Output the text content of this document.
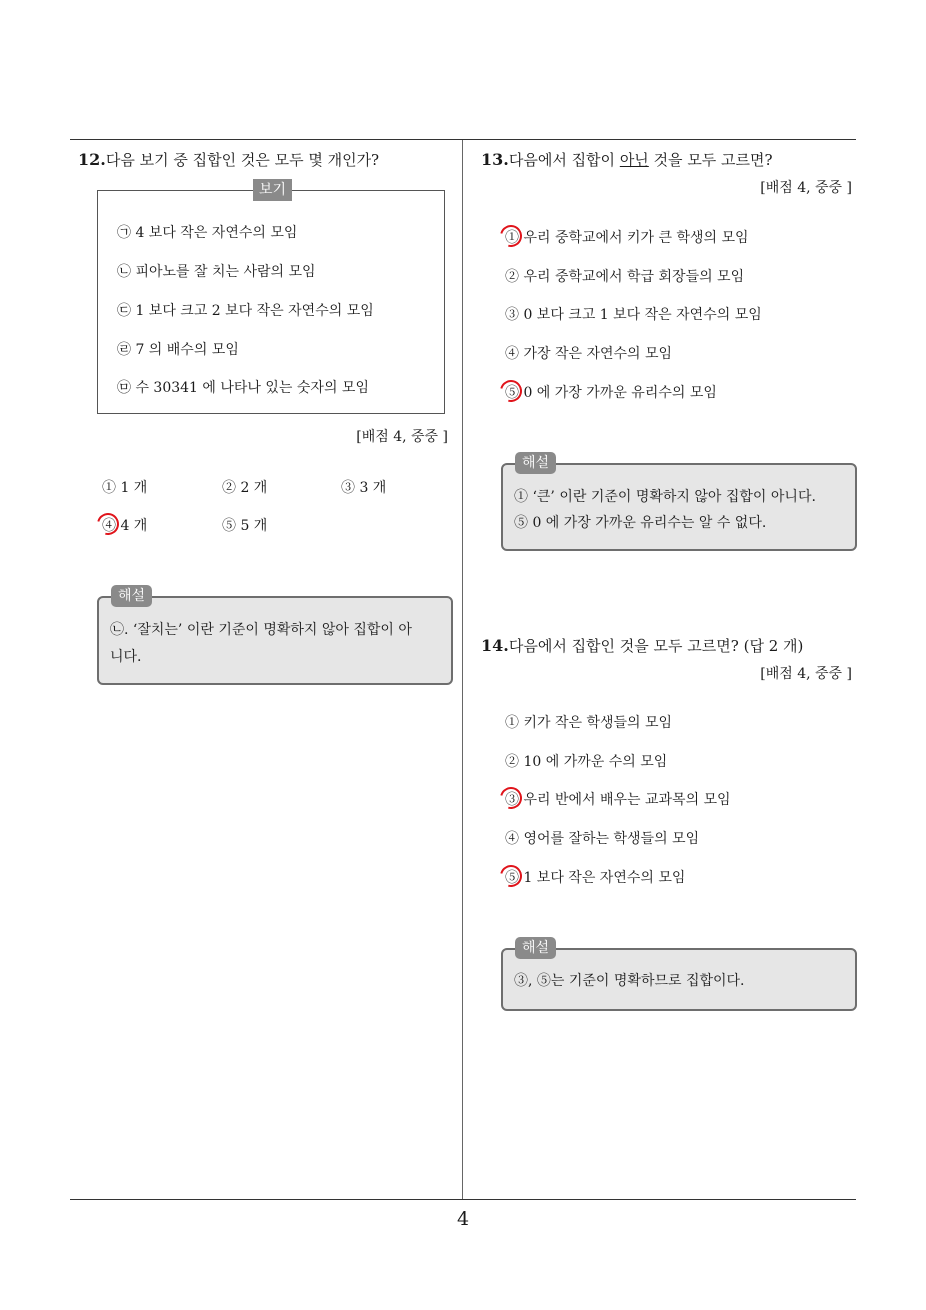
4
12.다음 보기 중 집합인 것은 모두 몇 개인가?
보기
㉠ 4 보다 작은 자연수의 모임
㉡ 피아노를 잘 치는 사람의 모임
㉢ 1 보다 크고 2 보다 작은 자연수의 모임
㉣ 7 의 배수의 모임
㉤ 수 30341 에 나타나 있는 숫자의 모임
[배점 4, 중중 ]
① 1 개	② 2 개	③ 3 개
④ 4 개	⑤ 5 개
해설
㉡. ‘잘치는’ 이란 기준이 명확하지 않아 집합이 아
니다.
13.다음에서 집합이 아닌 것을 모두 고르면?
[배점 4, 중중 ]
① 우리 중학교에서 키가 큰 학생의 모임
② 우리 중학교에서 학급 회장들의 모임
③ 0 보다 크고 1 보다 작은 자연수의 모임
④ 가장 작은 자연수의 모임
⑤ 0 에 가장 가까운 유리수의 모임
해설
① ‘큰’ 이란 기준이 명확하지 않아 집합이 아니다.
⑤ 0 에 가장 가까운 유리수는 알 수 없다.
14.다음에서 집합인 것을 모두 고르면? (답 2 개)
[배점 4, 중중 ]
① 키가 작은 학생들의 모임
② 10 에 가까운 수의 모임
③ 우리 반에서 배우는 교과목의 모임
④ 영어를 잘하는 학생들의 모임
⑤ 1 보다 작은 자연수의 모임
해설
③, ⑤는 기준이 명확하므로 집합이다.
